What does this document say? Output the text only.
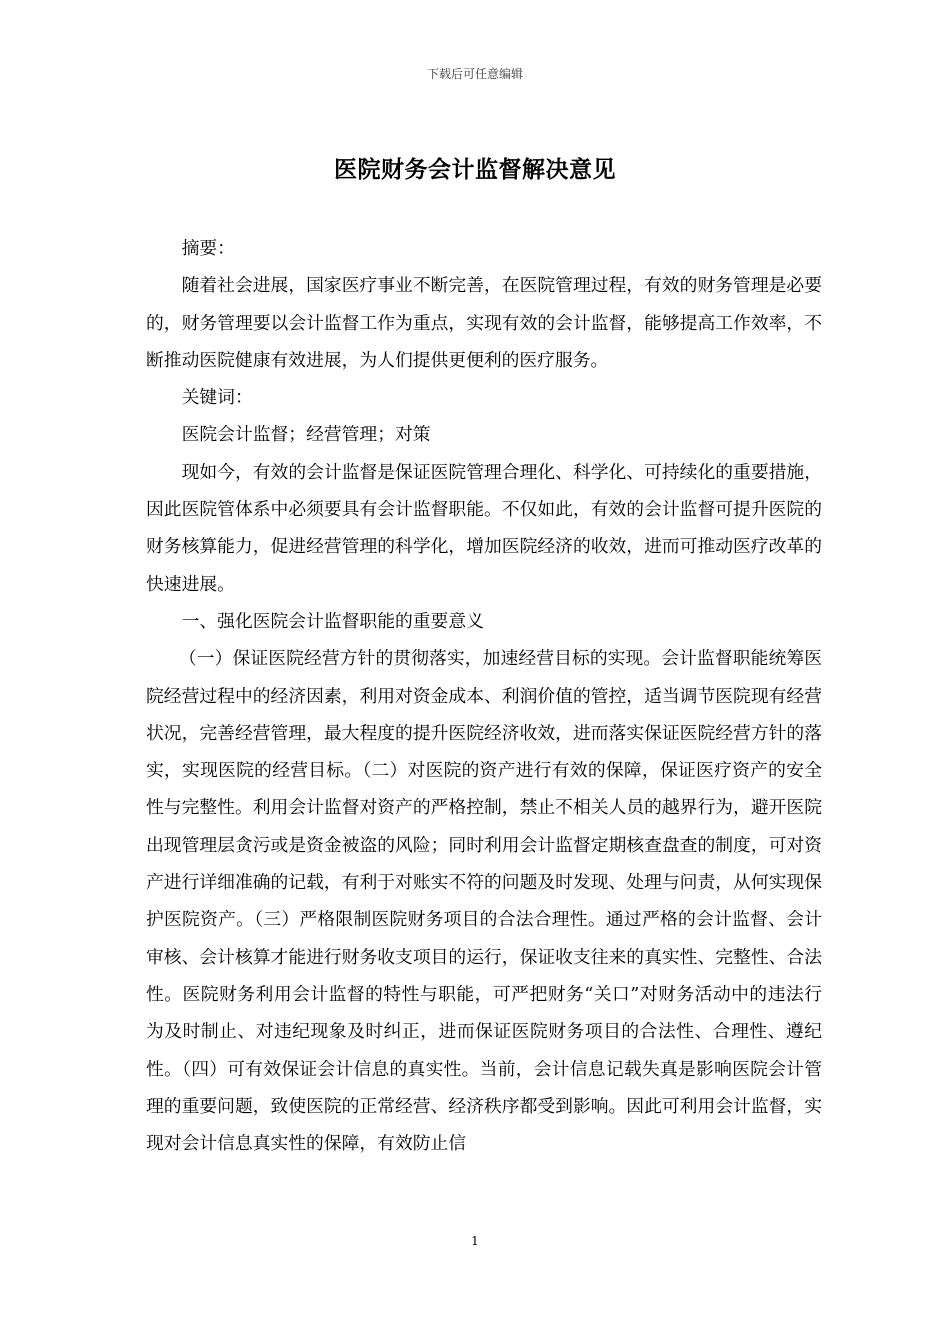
下载后可任意编辑
医院财务会计监督解决意见

摘要：

随着社会进展，国家医疗事业不断完善，在医院管理过程，有效的财务管理是必要的，财务管理要以会计监督工作为重点，实现有效的会计监督，能够提高工作效率，不断推动医院健康有效进展，为人们提供更便利的医疗服务。

关键词：

医院会计监督；经营管理；对策

现如今，有效的会计监督是保证医院管理合理化、科学化、可持续化的重要措施，因此医院管体系中必须要具有会计监督职能。不仅如此，有效的会计监督可提升医院的财务核算能力，促进经营管理的科学化，增加医院经济的收效，进而可推动医疗改革的快速进展。

一、强化医院会计监督职能的重要意义

（一）保证医院经营方针的贯彻落实，加速经营目标的实现。会计监督职能统筹医院经营过程中的经济因素，利用对资金成本、利润价值的管控，适当调节医院现有经营状况，完善经营管理，最大程度的提升医院经济收效，进而落实保证医院经营方针的落实，实现医院的经营目标。（二）对医院的资产进行有效的保障，保证医疗资产的安全性与完整性。利用会计监督对资产的严格控制，禁止不相关人员的越界行为，避开医院出现管理层贪污或是资金被盗的风险；同时利用会计监督定期核查盘查的制度，可对资产进行详细准确的记载，有利于对账实不符的问题及时发现、处理与问责，从何实现保护医院资产。（三）严格限制医院财务项目的合法合理性。通过严格的会计监督、会计审核、会计核算才能进行财务收支项目的运行，保证收支往来的真实性、完整性、合法性。医院财务利用会计监督的特性与职能，可严把财务“关口”对财务活动中的违法行为及时制止、对违纪现象及时纠正，进而保证医院财务项目的合法性、合理性、遵纪性。（四）可有效保证会计信息的真实性。当前，会计信息记载失真是影响医院会计管理的重要问题，致使医院的正常经营、经济秩序都受到影响。因此可利用会计监督，实现对会计信息真实性的保障，有效防止信

1
